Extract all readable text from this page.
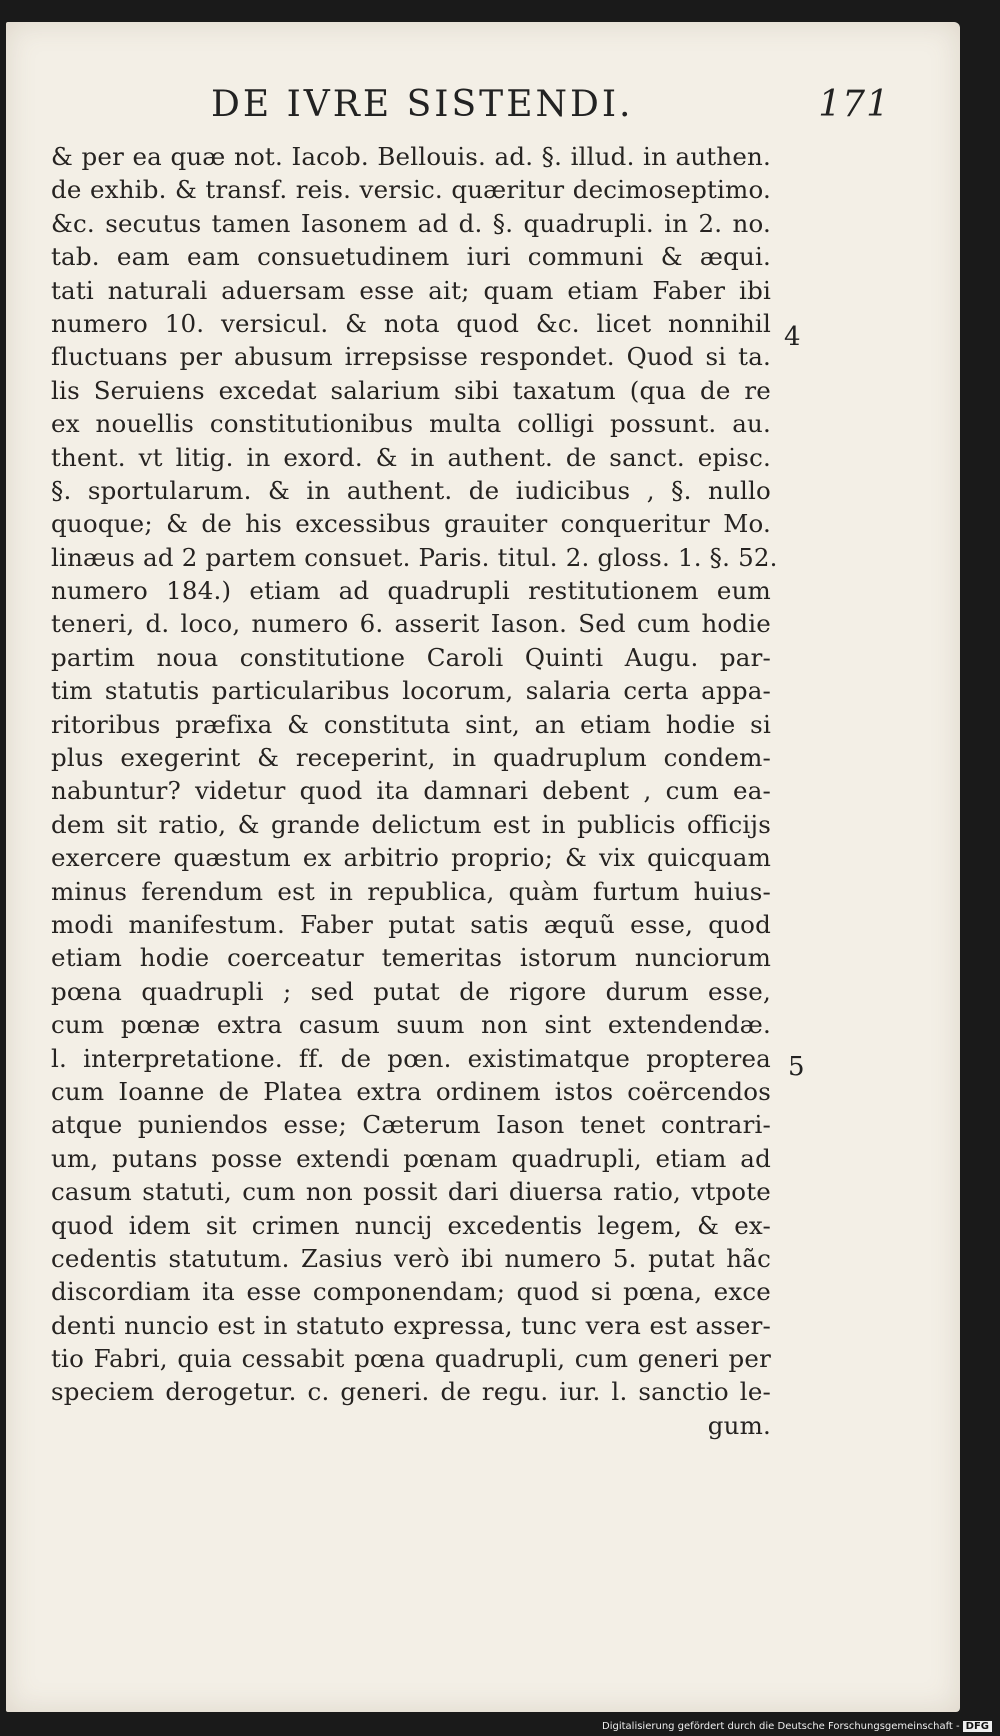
DE IVRE SISTENDI.	171
& per ea quæ not. Iacob. Bellouis. ad. §. illud. in authen.
de exhib. & transf. reis. versic. quæritur decimoseptimo.
&c. secutus tamen Iasonem ad d. §. quadrupli. in 2. no.
tab. eam eam consuetudinem iuri communi & æqui.
tati naturali aduersam esse ait; quam etiam Faber ibi
numero 10. versicul. & nota quod &c. licet nonnihil
fluctuans per abusum irrepsisse respondet. Quod si ta.
lis Seruiens excedat salarium sibi taxatum (qua de re
ex nouellis constitutionibus multa colligi possunt. au.
thent. vt litig. in exord. & in authent. de sanct. episc.
§. sportularum. & in authent. de iudicibus , §. nullo
quoque; & de his excessibus grauiter conqueritur Mo.
linæus ad 2 partem consuet. Paris. titul. 2. gloss. 1. §. 52.
numero 184.) etiam ad quadrupli restitutionem eum
teneri, d. loco, numero 6. asserit Iason. Sed cum hodie
partim noua constitutione Caroli Quinti Augu. par-
tim statutis particularibus locorum, salaria certa appa-
ritoribus præfixa & constituta sint, an etiam hodie si
plus exegerint & receperint, in quadruplum condem-
nabuntur? videtur quod ita damnari debent , cum ea-
dem sit ratio, & grande delictum est in publicis officijs
exercere quæstum ex arbitrio proprio; & vix quicquam
minus ferendum est in republica, quàm furtum huius-
modi manifestum. Faber putat satis æquũ esse, quod
etiam hodie coerceatur temeritas istorum nunciorum
pœna quadrupli ; sed putat de rigore durum esse,
cum pœnæ extra casum suum non sint extendendæ.
l. interpretatione. ff. de pœn. existimatque propterea
cum Ioanne de Platea extra ordinem istos coërcendos
atque puniendos esse; Cæterum Iason tenet contrari-
um, putans posse extendi pœnam quadrupli, etiam ad
casum statuti, cum non possit dari diuersa ratio, vtpote
quod idem sit crimen nuncij excedentis legem, & ex-
cedentis statutum. Zasius verò ibi numero 5. putat hãc
discordiam ita esse componendam; quod si pœna, exce
denti nuncio est in statuto expressa, tunc vera est asser-
tio Fabri, quia cessabit pœna quadrupli, cum generi per
speciem derogetur. c. generi. de regu. iur. l. sanctio le-
gum.
4
5
Digitalisierung gefördert durch die Deutsche Forschungsgemeinschaft - DFG
